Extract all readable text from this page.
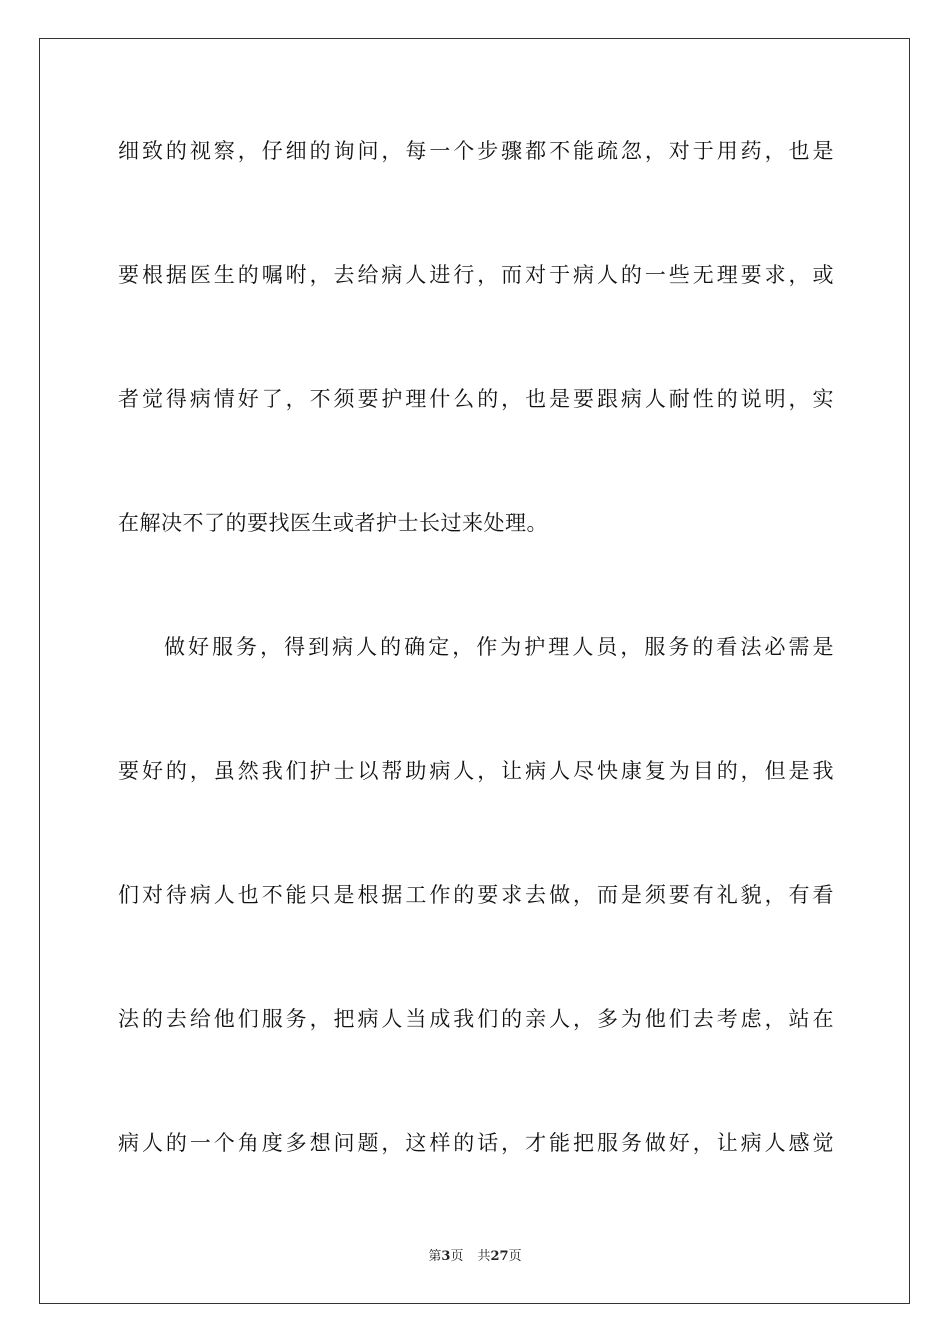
细致的视察，仔细的询问，每一个步骤都不能疏忽，对于用药，也是
要根据医生的嘱咐，去给病人进行，而对于病人的一些无理要求，或
者觉得病情好了，不须要护理什么的，也是要跟病人耐性的说明，实
在解决不了的要找医生或者护士长过来处理。
做好服务，得到病人的确定，作为护理人员，服务的看法必需是
要好的，虽然我们护士以帮助病人，让病人尽快康复为目的，但是我
们对待病人也不能只是根据工作的要求去做，而是须要有礼貌，有看
法的去给他们服务，把病人当成我们的亲人，多为他们去考虑，站在
病人的一个角度多想问题，这样的话，才能把服务做好，让病人感觉
第3页 共27页
